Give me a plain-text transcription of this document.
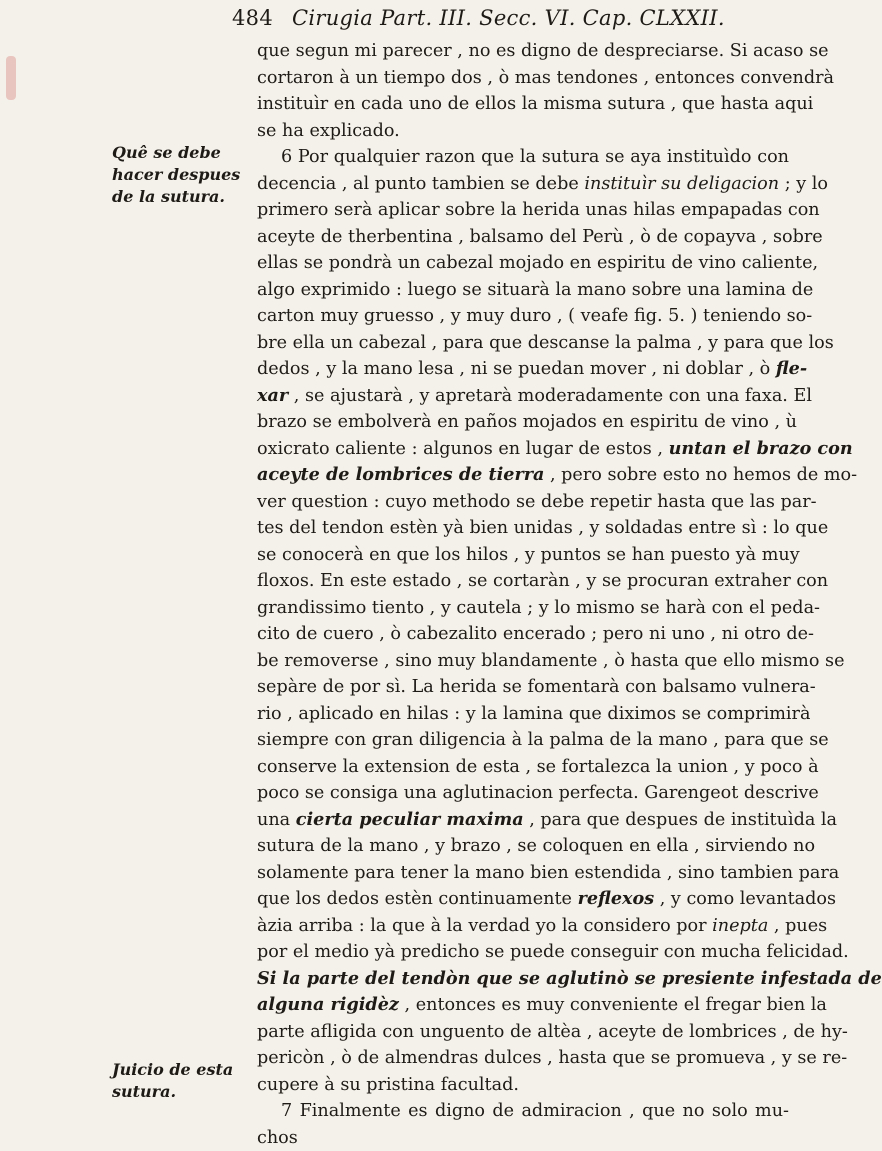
484 Cirugia Part. III. Secc. VI. Cap. CLXXII.
Quê se debe
hacer despues
de la sutura.
Juicio de esta
sutura.
que segun mi parecer , no es digno de despreciarse. Si acaso se
cortaron à un tiempo dos , ò mas tendones , entonces convendrà
instituìr en cada uno de ellos la misma sutura , que hasta aqui
se ha explicado.
6 Por qualquier razon que la sutura se aya instituìdo con
decencia , al punto tambien se debe instituìr su deligacion ; y lo
primero serà aplicar sobre la herida unas hilas empapadas con
aceyte de therbentina , balsamo del Perù , ò de copayva , sobre
ellas se pondrà un cabezal mojado en espiritu de vino caliente,
algo exprimido : luego se situarà la mano sobre una lamina de
carton muy gruesso , y muy duro , ( veafe fig. 5. ) teniendo so-
bre ella un cabezal , para que descanse la palma , y para que los
dedos , y la mano lesa , ni se puedan mover , ni doblar , ò fle-
xar , se ajustarà , y apretarà moderadamente con una faxa. El
brazo se embolverà en paños mojados en espiritu de vino , ù
oxicrato caliente : algunos en lugar de estos , untan el brazo con
aceyte de lombrices de tierra , pero sobre esto no hemos de mo-
ver question : cuyo methodo se debe repetir hasta que las par-
tes del tendon estèn yà bien unidas , y soldadas entre sì : lo que
se conocerà en que los hilos , y puntos se han puesto yà muy
floxos. En este estado , se cortaràn , y se procuran extraher con
grandissimo tiento , y cautela ; y lo mismo se harà con el peda-
cito de cuero , ò cabezalito encerado ; pero ni uno , ni otro de-
be removerse , sino muy blandamente , ò hasta que ello mismo se
sepàre de por sì. La herida se fomentarà con balsamo vulnera-
rio , aplicado en hilas : y la lamina que diximos se comprimirà
siempre con gran diligencia à la palma de la mano , para que se
conserve la extension de esta , se fortalezca la union , y poco à
poco se consiga una aglutinacion perfecta. Garengeot descrive
una cierta peculiar maxima , para que despues de instituìda la
sutura de la mano , y brazo , se coloquen en ella , sirviendo no
solamente para tener la mano bien estendida , sino tambien para
que los dedos estèn continuamente reflexos , y como levantados
àzia arriba : la que à la verdad yo la considero por inepta , pues
por el medio yà predicho se puede conseguir con mucha felicidad.
Si la parte del tendòn que se aglutinò se presiente infestada de
alguna rigidèz , entonces es muy conveniente el fregar bien la
parte afligida con unguento de altèa , aceyte de lombrices , de hy-
pericòn , ò de almendras dulces , hasta que se promueva , y se re-
cupere à su pristina facultad.
7 Finalmente es digno de admiracion , que no solo mu-
chos
